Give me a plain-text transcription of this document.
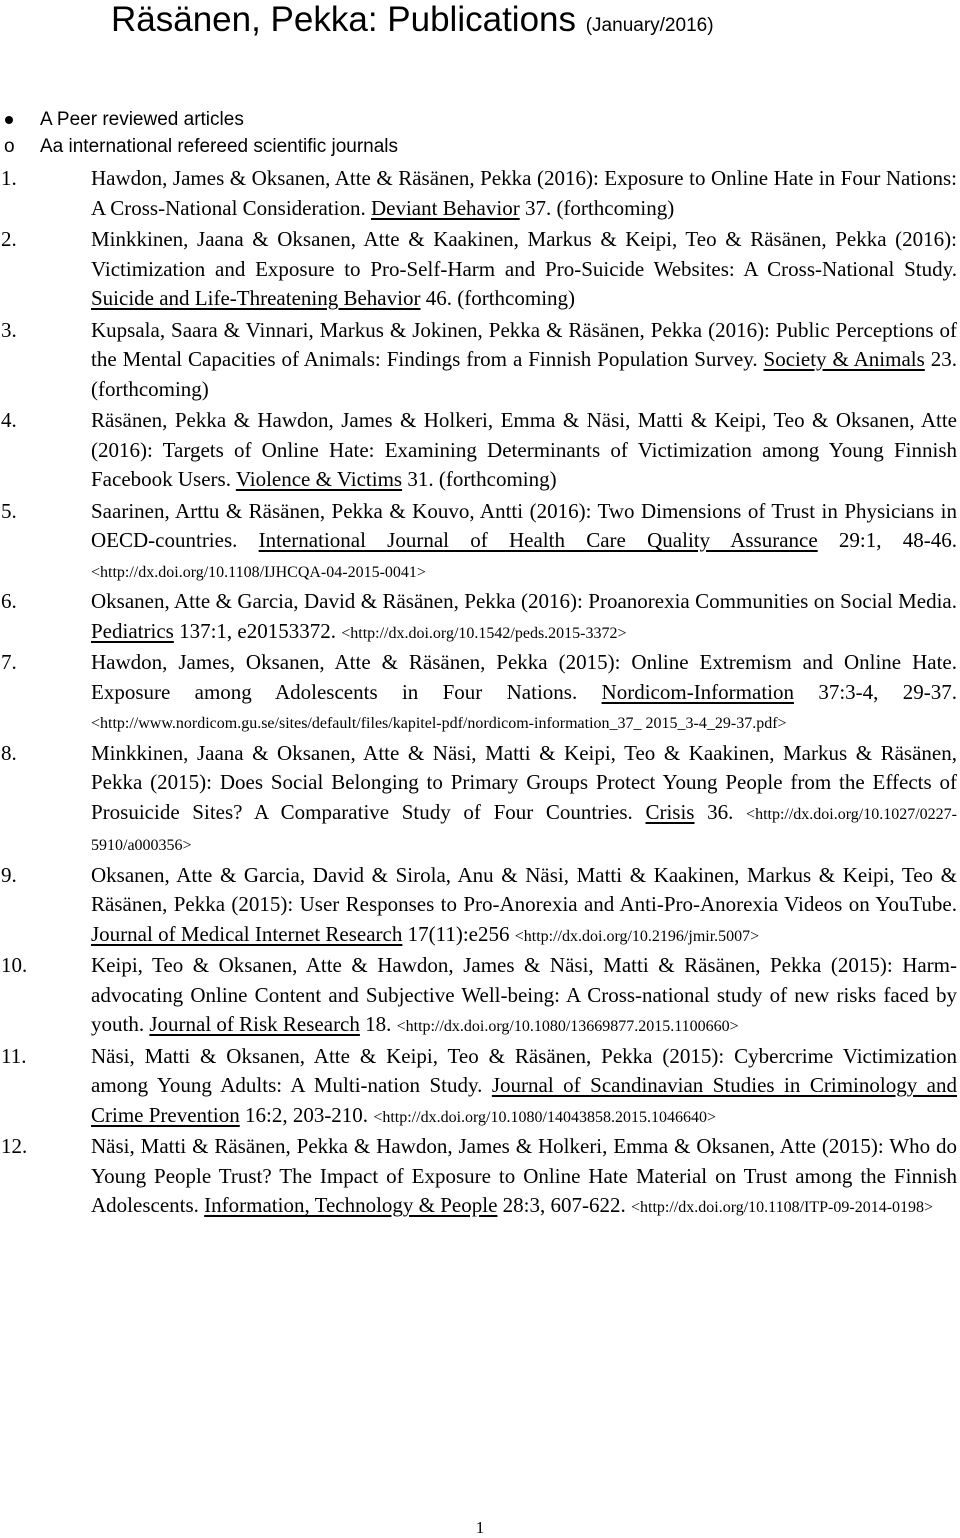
Räsänen, Pekka: Publications (January/2016)
A Peer reviewed articles
o Aa international refereed scientific journals
1.	Hawdon, James & Oksanen, Atte & Räsänen, Pekka (2016): Exposure to Online Hate in Four Nations: A Cross-National Consideration. Deviant Behavior 37. (forthcoming)
2.	Minkkinen, Jaana & Oksanen, Atte & Kaakinen, Markus & Keipi, Teo & Räsänen, Pekka (2016): Victimization and Exposure to Pro-Self-Harm and Pro-Suicide Websites: A Cross-National Study. Suicide and Life-Threatening Behavior 46. (forthcoming)
3.	Kupsala, Saara & Vinnari, Markus & Jokinen, Pekka & Räsänen, Pekka (2016): Public Perceptions of the Mental Capacities of Animals: Findings from a Finnish Population Survey. Society & Animals 23. (forthcoming)
4.	Räsänen, Pekka & Hawdon, James & Holkeri, Emma & Näsi, Matti & Keipi, Teo & Oksanen, Atte (2016): Targets of Online Hate: Examining Determinants of Victimization among Young Finnish Facebook Users. Violence & Victims 31. (forthcoming)
5.	Saarinen, Arttu & Räsänen, Pekka & Kouvo, Antti (2016): Two Dimensions of Trust in Physicians in OECD-countries. International Journal of Health Care Quality Assurance 29:1, 48-46. <http://dx.doi.org/10.1108/IJHCQA-04-2015-0041>
6.	Oksanen, Atte & Garcia, David & Räsänen, Pekka (2016): Proanorexia Communities on Social Media. Pediatrics 137:1, e20153372. <http://dx.doi.org/10.1542/peds.2015-3372>
7.	Hawdon, James, Oksanen, Atte & Räsänen, Pekka (2015): Online Extremism and Online Hate. Exposure among Adolescents in Four Nations. Nordicom-Information 37:3-4, 29-37. <http://www.nordicom.gu.se/sites/default/files/kapitel-pdf/nordicom-information_37_ 2015_3-4_29-37.pdf>
8.	Minkkinen, Jaana & Oksanen, Atte & Näsi, Matti & Keipi, Teo & Kaakinen, Markus & Räsänen, Pekka (2015): Does Social Belonging to Primary Groups Protect Young People from the Effects of Prosuicide Sites? A Comparative Study of Four Countries. Crisis 36. <http://dx.doi.org/10.1027/0227-5910/a000356>
9.	Oksanen, Atte & Garcia, David & Sirola, Anu & Näsi, Matti & Kaakinen, Markus & Keipi, Teo & Räsänen, Pekka (2015): User Responses to Pro-Anorexia and Anti-Pro-Anorexia Videos on YouTube. Journal of Medical Internet Research 17(11):e256 <http://dx.doi.org/10.2196/jmir.5007>
10.	Keipi, Teo & Oksanen, Atte & Hawdon, James & Näsi, Matti & Räsänen, Pekka (2015): Harm-advocating Online Content and Subjective Well-being: A Cross-national study of new risks faced by youth. Journal of Risk Research 18. <http://dx.doi.org/10.1080/13669877.2015.1100660>
11.	Näsi, Matti & Oksanen, Atte & Keipi, Teo & Räsänen, Pekka (2015): Cybercrime Victimization among Young Adults: A Multi-nation Study. Journal of Scandinavian Studies in Criminology and Crime Prevention 16:2, 203-210. <http://dx.doi.org/10.1080/14043858.2015.1046640>
12.	Näsi, Matti & Räsänen, Pekka & Hawdon, James & Holkeri, Emma & Oksanen, Atte (2015): Who do Young People Trust? The Impact of Exposure to Online Hate Material on Trust among the Finnish Adolescents. Information, Technology & People 28:3, 607-622. <http://dx.doi.org/10.1108/ITP-09-2014-0198>
1
